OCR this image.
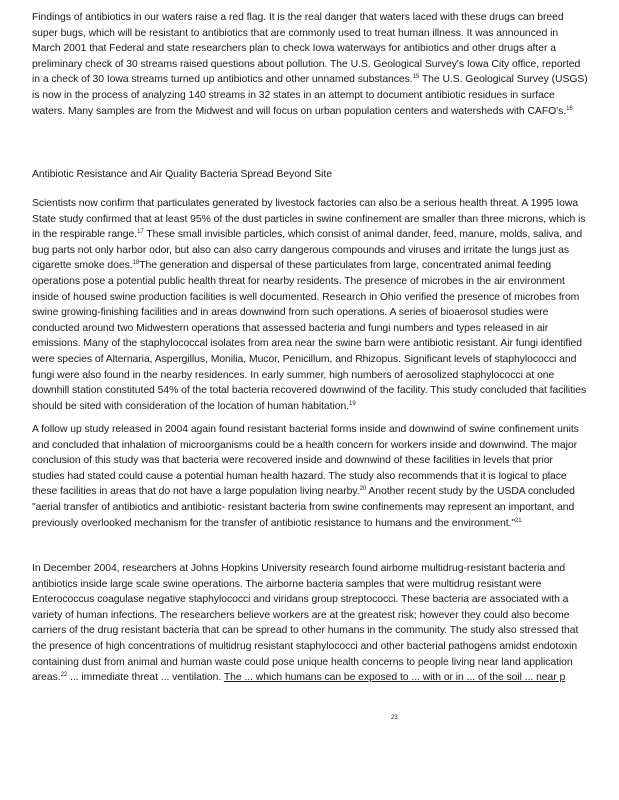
Findings of antibiotics in our waters raise a red flag. It is the real danger that waters laced with these drugs can breed super bugs, which will be resistant to antibiotics that are commonly used to treat human illness. It was announced in March 2001 that Federal and state researchers plan to check Iowa waterways for antibiotics and other drugs after a preliminary check of 30 streams raised questions about pollution. The U.S. Geological Survey's Iowa City office, reported in a check of 30 Iowa streams turned up antibiotics and other unnamed substances.$^{15}$ The U.S. Geological Survey (USGS) is now in the process of analyzing 140 streams in 32 states in an attempt to document antibiotic residues in surface waters. Many samples are from the Midwest and will focus on urban population centers and watersheds with CAFO's.$^{16}$

Antibiotic Resistance and Air Quality Bacteria Spread Beyond Site

Scientists now confirm that particulates generated by livestock factories can also be a serious health threat. A 1995 Iowa State study confirmed that at least 95% of the dust particles in swine confinement are smaller than three microns, which is in the respirable range.$^{17}$ These small invisible particles, which consist of animal dander, feed, manure, molds, saliva, and bug parts not only harbor odor, but also can also carry dangerous compounds and viruses and irritate the lungs just as cigarette smoke does.$^{18}$The generation and dispersal of these particulates from large, concentrated animal feeding operations pose a potential public health threat for nearby residents. The presence of microbes in the air environment inside of housed swine production facilities is well documented. Research in Ohio verified the presence of microbes from swine growing-finishing facilities and in areas downwind from such operations. A series of bioaerosol studies were conducted around two Midwestern operations that assessed bacteria and fungi numbers and types released in air emissions. Many of the staphylococcal isolates from area near the swine barn were antibiotic resistant. Air fungi identified were species of Alternaria, Aspergillus, Monilia, Mucor, Penicillum, and Rhizopus. Significant levels of staphylococci and fungi were also found in the nearby residences. In early summer, high numbers of aerosolized staphylococci at one downhill station constituted 54% of the total bacteria recovered downwind of the facility. This study concluded that facilities should be sited with consideration of the location of human habitation.$^{19}$

A follow up study released in 2004 again found resistant bacterial forms inside and downwind of swine confinement units and concluded that inhalation of microorganisms could be a health concern for workers inside and downwind. The major conclusion of this study was that bacteria were recovered inside and downwind of these facilities in levels that prior studies had stated could cause a potential human health hazard. The study also recommends that it is logical to place these facilities in areas that do not have a large population living nearby.$^{20}$ Another recent study by the USDA concluded "aerial transfer of antibiotics and antibiotic- resistant bacteria from swine confinements may represent an important, and previously overlooked mechanism for the transfer of antibiotic resistance to humans and the environment."$^{21}$

In December 2004, researchers at Johns Hopkins University research found airborne multidrug-resistant bacteria and antibiotics inside large scale swine operations. The airborne bacteria samples that were multidrug resistant were Enterococcus coagulase negative staphylococci and viridans group streptococci. These bacteria are associated with a variety of human infections. The researchers believe workers are at the greatest risk; however they could also become carriers of the drug resistant bacteria that can be spread to other humans in the community. The study also stressed that the presence of high concentrations of multidrug resistant staphylococci and other bacterial pathogens amidst endotoxin containing dust from animal and human waste could pose unique health concerns to people living near land application areas.$^{22}$ ... immediate threat ... ventilation. The ... which humans can be exposed to ... with or in ... of the soil ... near p

23
